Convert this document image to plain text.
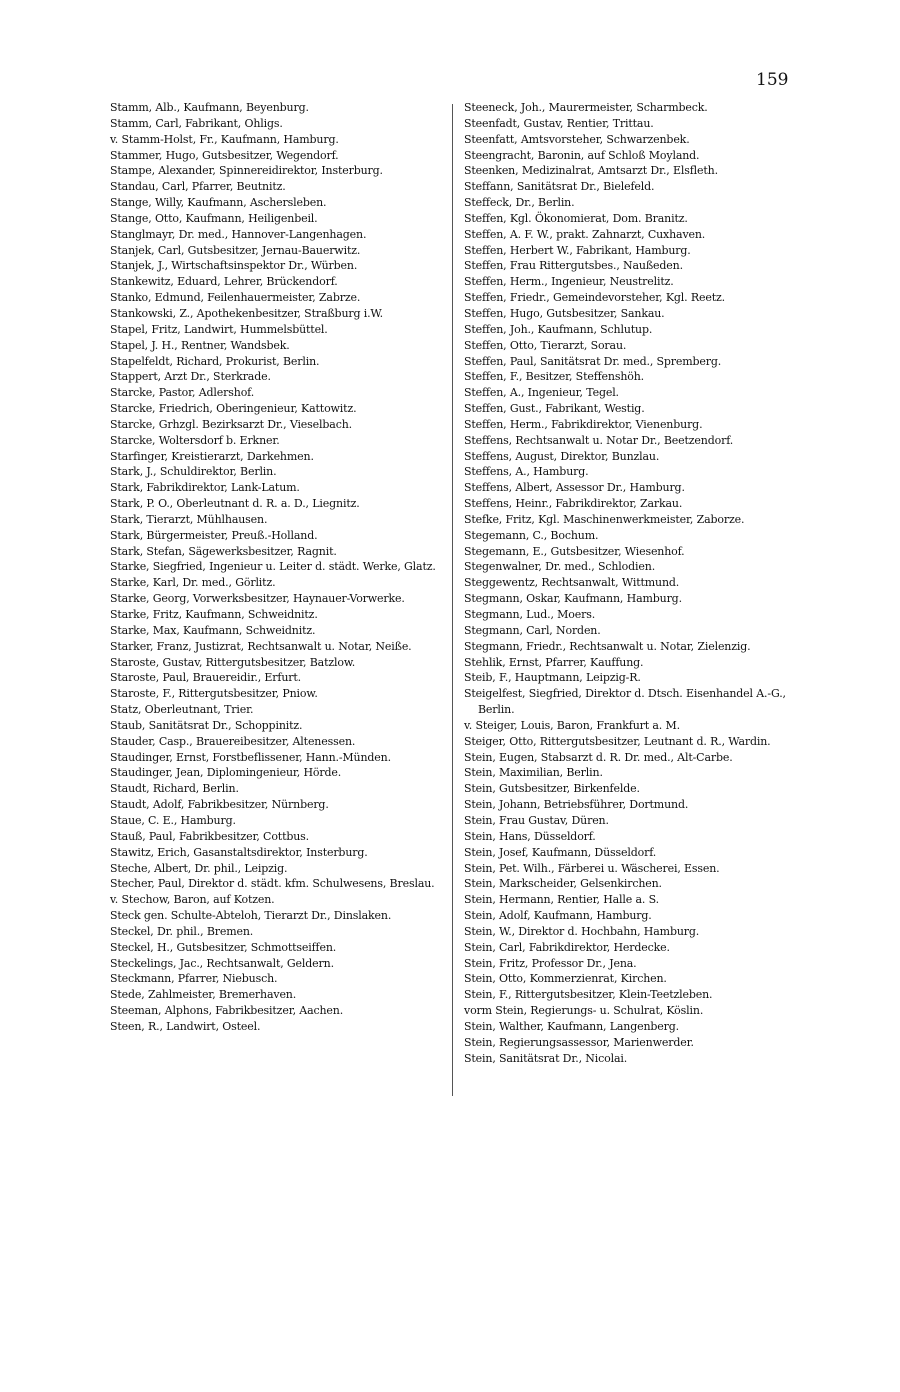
159
Stamm, Alb., Kaufmann, Beyenburg.
Stamm, Carl, Fabrikant, Ohligs.
v. Stamm-Holst, Fr., Kaufmann, Hamburg.
Stammer, Hugo, Gutsbesitzer, Wegendorf.
Stampe, Alexander, Spinnereidirektor, Insterburg.
Standau, Carl, Pfarrer, Beutnitz.
Stange, Willy, Kaufmann, Aschersleben.
Stange, Otto, Kaufmann, Heiligenbeil.
Stanglmayr, Dr. med., Hannover-Langenhagen.
Stanjek, Carl, Gutsbesitzer, Jernau-Bauerwitz.
Stanjek, J., Wirtschaftsinspektor Dr., Würben.
Stankewitz, Eduard, Lehrer, Brückendorf.
Stanko, Edmund, Feilenhauermeister, Zabrze.
Stankowski, Z., Apothekenbesitzer, Straßburg i.W.
Stapel, Fritz, Landwirt, Hummelsbüttel.
Stapel, J. H., Rentner, Wandsbek.
Stapelfeldt, Richard, Prokurist, Berlin.
Stappert, Arzt Dr., Sterkrade.
Starcke, Pastor, Adlershof.
Starcke, Friedrich, Oberingenieur, Kattowitz.
Starcke, Grhzgl. Bezirksarzt Dr., Vieselbach.
Starcke, Woltersdorf b. Erkner.
Starfinger, Kreistierarzt, Darkehmen.
Stark, J., Schuldirektor, Berlin.
Stark, Fabrikdirektor, Lank-Latum.
Stark, P. O., Oberleutnant d. R. a. D., Liegnitz.
Stark, Tierarzt, Mühlhausen.
Stark, Bürgermeister, Preuß.-Holland.
Stark, Stefan, Sägewerksbesitzer, Ragnit.
Starke, Siegfried, Ingenieur u. Leiter d. städt. Werke, Glatz.
Starke, Karl, Dr. med., Görlitz.
Starke, Georg, Vorwerksbesitzer, Haynauer-Vorwerke.
Starke, Fritz, Kaufmann, Schweidnitz.
Starke, Max, Kaufmann, Schweidnitz.
Starker, Franz, Justizrat, Rechtsanwalt u. Notar, Neiße.
Staroste, Gustav, Rittergutsbesitzer, Batzlow.
Staroste, Paul, Brauereidir., Erfurt.
Staroste, F., Rittergutsbesitzer, Pniow.
Statz, Oberleutnant, Trier.
Staub, Sanitätsrat Dr., Schoppinitz.
Stauder, Casp., Brauereibesitzer, Altenessen.
Staudinger, Ernst, Forstbeflissener, Hann.-Münden.
Staudinger, Jean, Diplomingenieur, Hörde.
Staudt, Richard, Berlin.
Staudt, Adolf, Fabrikbesitzer, Nürnberg.
Staue, C. E., Hamburg.
Stauß, Paul, Fabrikbesitzer, Cottbus.
Stawitz, Erich, Gasanstaltsdirektor, Insterburg.
Steche, Albert, Dr. phil., Leipzig.
Stecher, Paul, Direktor d. städt. kfm. Schulwesens, Breslau.
v. Stechow, Baron, auf Kotzen.
Steck gen. Schulte-Abteloh, Tierarzt Dr., Dinslaken.
Steckel, Dr. phil., Bremen.
Steckel, H., Gutsbesitzer, Schmottseiffen.
Steckelings, Jac., Rechtsanwalt, Geldern.
Steckmann, Pfarrer, Niebusch.
Stede, Zahlmeister, Bremerhaven.
Steeman, Alphons, Fabrikbesitzer, Aachen.
Steen, R., Landwirt, Osteel.
Steeneck, Joh., Maurermeister, Scharmbeck.
Steenfadt, Gustav, Rentier, Trittau.
Steenfatt, Amtsvorsteher, Schwarzenbek.
Steengracht, Baronin, auf Schloß Moyland.
Steenken, Medizinalrat, Amtsarzt Dr., Elsfleth.
Steffann, Sanitätsrat Dr., Bielefeld.
Steffeck, Dr., Berlin.
Steffen, Kgl. Ökonomierat, Dom. Branitz.
Steffen, A. F. W., prakt. Zahnarzt, Cuxhaven.
Steffen, Herbert W., Fabrikant, Hamburg.
Steffen, Frau Rittergutsbes., Naußeden.
Steffen, Herm., Ingenieur, Neustrelitz.
Steffen, Friedr., Gemeindevorsteher, Kgl. Reetz.
Steffen, Hugo, Gutsbesitzer, Sankau.
Steffen, Joh., Kaufmann, Schlutup.
Steffen, Otto, Tierarzt, Sorau.
Steffen, Paul, Sanitätsrat Dr. med., Spremberg.
Steffen, F., Besitzer, Steffenshöh.
Steffen, A., Ingenieur, Tegel.
Steffen, Gust., Fabrikant, Westig.
Steffen, Herm., Fabrikdirektor, Vienenburg.
Steffens, Rechtsanwalt u. Notar Dr., Beetzendorf.
Steffens, August, Direktor, Bunzlau.
Steffens, A., Hamburg.
Steffens, Albert, Assessor Dr., Hamburg.
Steffens, Heinr., Fabrikdirektor, Zarkau.
Stefke, Fritz, Kgl. Maschinenwerkmeister, Zaborze.
Stegemann, C., Bochum.
Stegemann, E., Gutsbesitzer, Wiesenhof.
Stegenwalner, Dr. med., Schlodien.
Steggewentz, Rechtsanwalt, Wittmund.
Stegmann, Oskar, Kaufmann, Hamburg.
Stegmann, Lud., Moers.
Stegmann, Carl, Norden.
Stegmann, Friedr., Rechtsanwalt u. Notar, Zielenzig.
Stehlik, Ernst, Pfarrer, Kauffung.
Steib, F., Hauptmann, Leipzig-R.
Steigelfest, Siegfried, Direktor d. Dtsch. Eisenhandel A.-G., Berlin.
v. Steiger, Louis, Baron, Frankfurt a. M.
Steiger, Otto, Rittergutsbesitzer, Leutnant d. R., Wardin.
Stein, Eugen, Stabsarzt d. R. Dr. med., Alt-Carbe.
Stein, Maximilian, Berlin.
Stein, Gutsbesitzer, Birkenfelde.
Stein, Johann, Betriebsführer, Dortmund.
Stein, Frau Gustav, Düren.
Stein, Hans, Düsseldorf.
Stein, Josef, Kaufmann, Düsseldorf.
Stein, Pet. Wilh., Färberei u. Wäscherei, Essen.
Stein, Markscheider, Gelsenkirchen.
Stein, Hermann, Rentier, Halle a. S.
Stein, Adolf, Kaufmann, Hamburg.
Stein, W., Direktor d. Hochbahn, Hamburg.
Stein, Carl, Fabrikdirektor, Herdecke.
Stein, Fritz, Professor Dr., Jena.
Stein, Otto, Kommerzienrat, Kirchen.
Stein, F., Rittergutsbesitzer, Klein-Teetzleben.
vorm Stein, Regierungs- u. Schulrat, Köslin.
Stein, Walther, Kaufmann, Langenberg.
Stein, Regierungsassessor, Marienwerder.
Stein, Sanitätsrat Dr., Nicolai.
